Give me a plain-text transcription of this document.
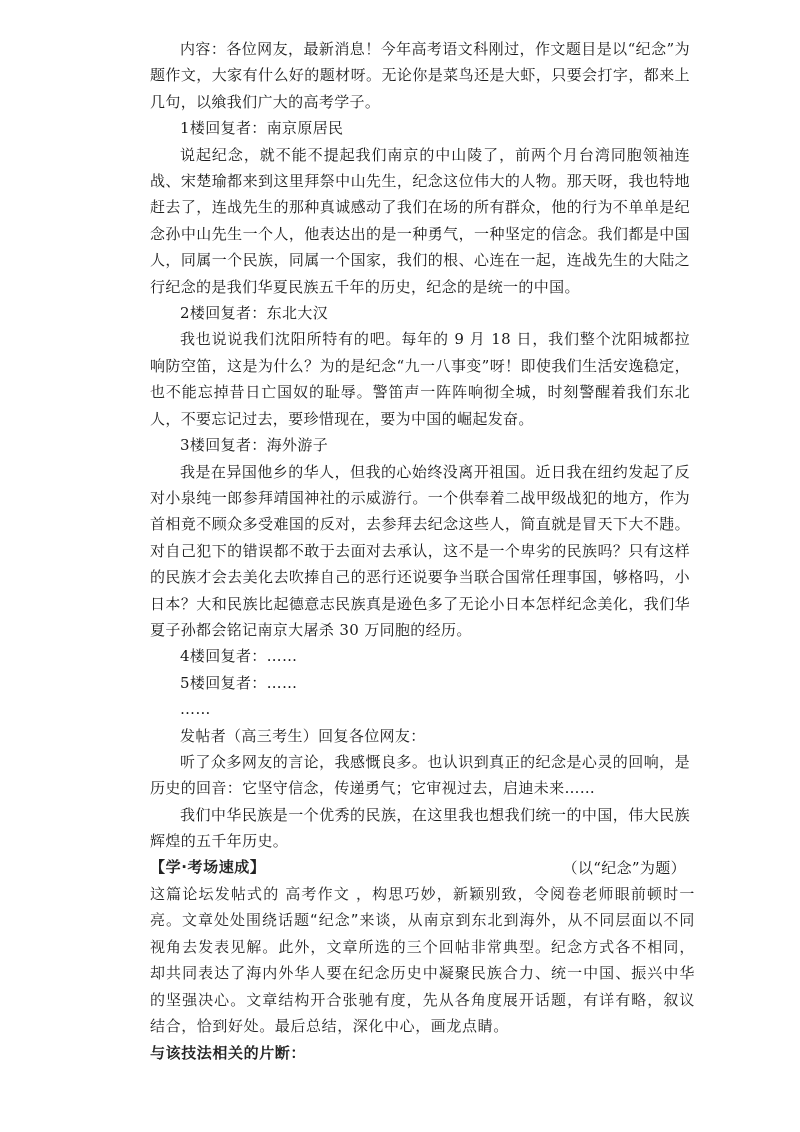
内容：各位网友，最新消息！今年高考语文科刚过，作文题目是以“纪念”为题作文，大家有什么好的题材呀。无论你是菜鸟还是大虾，只要会打字，都来上几句，以飨我们广大的高考学子。

1楼回复者：南京原居民

说起纪念，就不能不提起我们南京的中山陵了，前两个月台湾同胞领袖连战、宋楚瑜都来到这里拜祭中山先生，纪念这位伟大的人物。那天呀，我也特地赶去了，连战先生的那种真诚感动了我们在场的所有群众，他的行为不单单是纪念孙中山先生一个人，他表达出的是一种勇气，一种坚定的信念。我们都是中国人，同属一个民族，同属一个国家，我们的根、心连在一起，连战先生的大陆之行纪念的是我们华夏民族五千年的历史，纪念的是统一的中国。

2楼回复者：东北大汉

我也说说我们沈阳所特有的吧。每年的 9 月 18 日，我们整个沈阳城都拉响防空笛，这是为什么？为的是纪念“九一八事变”呀！即使我们生活安逸稳定，也不能忘掉昔日亡国奴的耻辱。警笛声一阵阵响彻全城，时刻警醒着我们东北人，不要忘记过去，要珍惜现在，要为中国的崛起发奋。

3楼回复者：海外游子

我是在异国他乡的华人，但我的心始终没离开祖国。近日我在纽约发起了反对小泉纯一郎参拜靖国神社的示威游行。一个供奉着二战甲级战犯的地方，作为首相竟不顾众多受难国的反对，去参拜去纪念这些人，简直就是冒天下大不韪。对自己犯下的错误都不敢于去面对去承认，这不是一个卑劣的民族吗？只有这样的民族才会去美化去吹捧自己的恶行还说要争当联合国常任理事国，够格吗，小日本？大和民族比起德意志民族真是逊色多了无论小日本怎样纪念美化，我们华夏子孙都会铭记南京大屠杀 30 万同胞的经历。

4楼回复者：……

5楼回复者：……

……

发帖者（高三考生）回复各位网友：

听了众多网友的言论，我感慨良多。也认识到真正的纪念是心灵的回响，是历史的回音：它坚守信念，传递勇气；它审视过去，启迪未来……

我们中华民族是一个优秀的民族，在这里我也想我们统一的中国，伟大民族辉煌的五千年历史。

（以“纪念”为题）

【学·考场速成】

这篇论坛发帖式的 高考作文 ，构思巧妙，新颖别致，令阅卷老师眼前顿时一亮。文章处处围绕话题“纪念”来谈，从南京到东北到海外，从不同层面以不同视角去发表见解。此外，文章所选的三个回帖非常典型。纪念方式各不相同，却共同表达了海内外华人要在纪念历史中凝聚民族合力、统一中国、振兴中华的坚强决心。文章结构开合张驰有度，先从各角度展开话题，有详有略，叙议结合，恰到好处。最后总结，深化中心，画龙点睛。

与该技法相关的片断：
